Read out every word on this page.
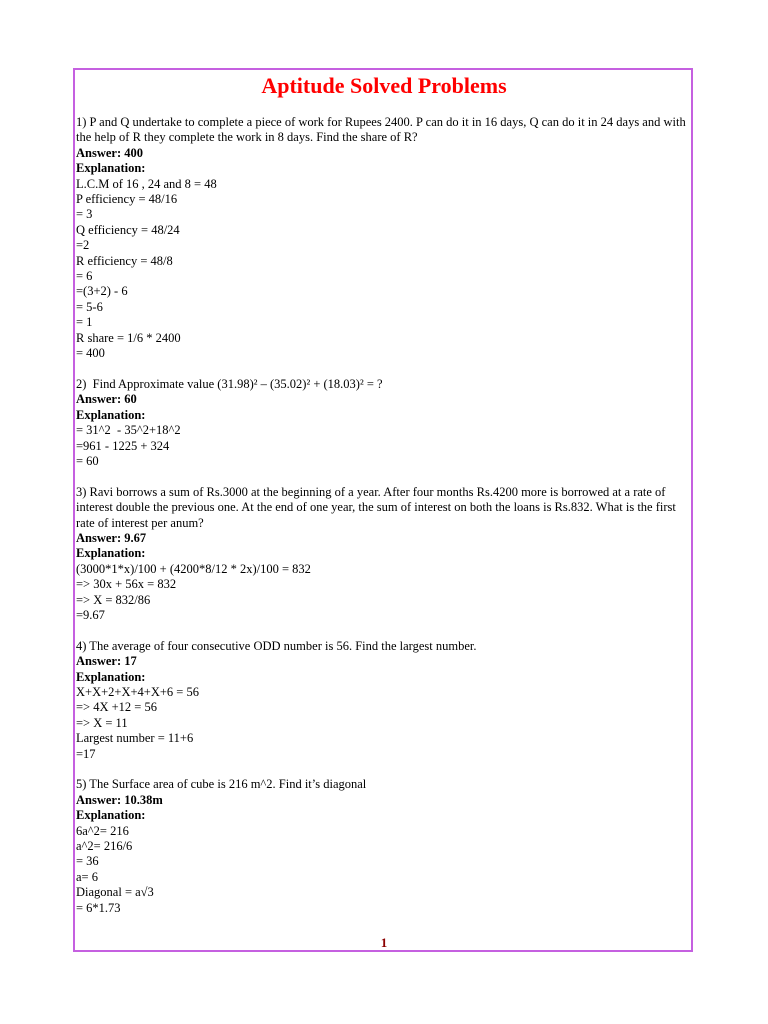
Aptitude Solved Problems
1) P and Q undertake to complete a piece of work for Rupees 2400. P can do it in 16 days, Q can do it in 24 days and with the help of R they complete the work in 8 days. Find the share of R?
Answer: 400
Explanation:
L.C.M of 16 , 24 and 8 = 48
P efficiency = 48/16
= 3
Q efficiency = 48/24
=2
R efficiency = 48/8
= 6
=(3+2) - 6
= 5-6
= 1
R share = 1/6 * 2400
= 400
2)  Find Approximate value (31.98)² – (35.02)² + (18.03)² = ?
Answer: 60
Explanation:
= 31^2  - 35^2+18^2
=961 - 1225 + 324
= 60
3) Ravi borrows a sum of Rs.3000 at the beginning of a year. After four months Rs.4200 more is borrowed at a rate of interest double the previous one. At the end of one year, the sum of interest on both the loans is Rs.832. What is the first rate of interest per anum?
Answer: 9.67
Explanation:
(3000*1*x)/100 + (4200*8/12 * 2x)/100 = 832
=> 30x + 56x = 832
=> X = 832/86
=9.67
4) The average of four consecutive ODD number is 56. Find the largest number.
Answer: 17
Explanation:
X+X+2+X+4+X+6 = 56
=> 4X +12 = 56
=> X = 11
Largest number = 11+6
=17
5) The Surface area of cube is 216 m^2. Find it’s diagonal
Answer: 10.38m
Explanation:
6a^2= 216
a^2= 216/6
= 36
a= 6
Diagonal = a√3
= 6*1.73
1
